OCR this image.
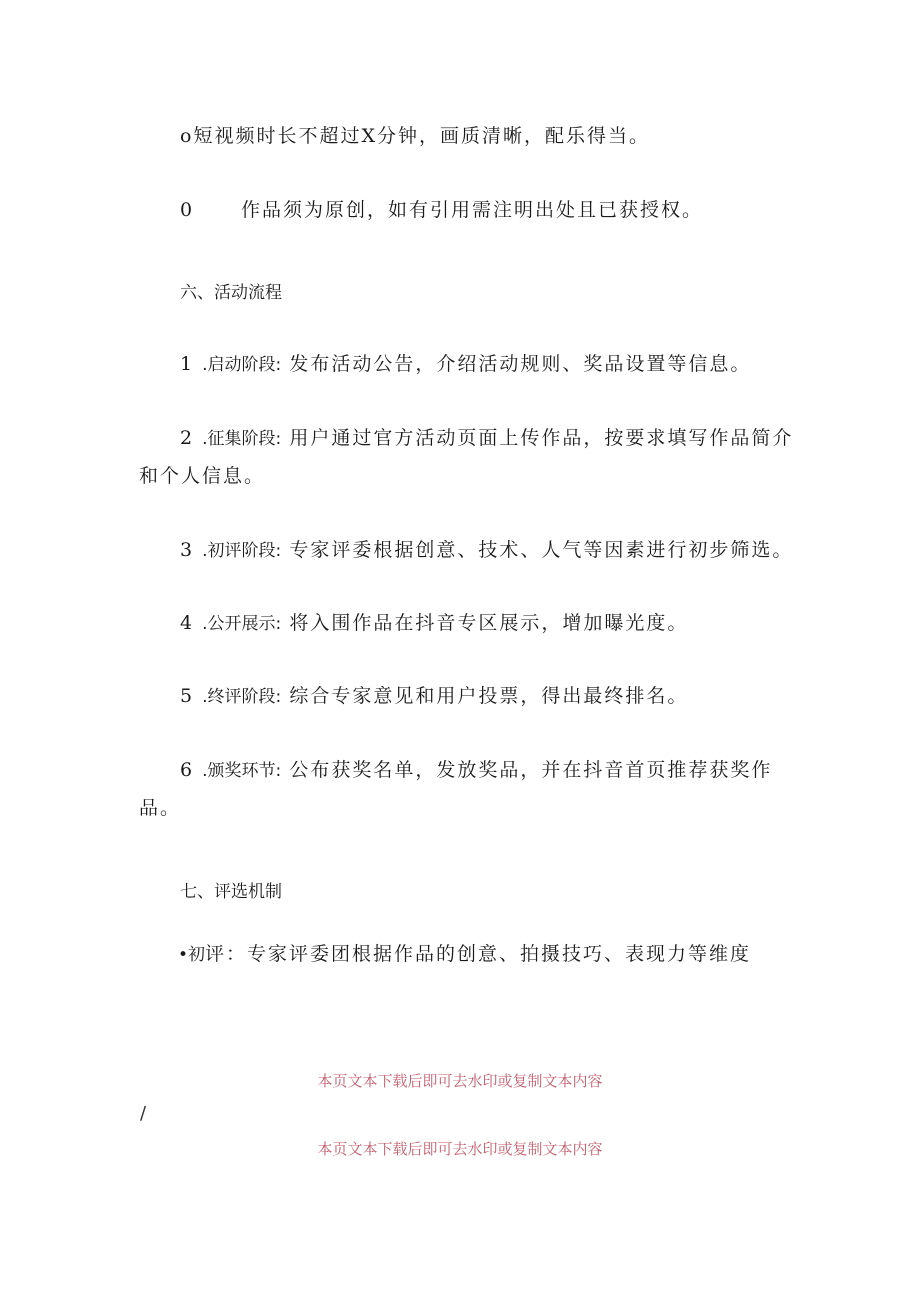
o短视频时长不超过X分钟，画质清晰，配乐得当。
0 作品须为原创，如有引用需注明出处且已获授权。
六、活动流程
1 .启动阶段: 发布活动公告，介绍活动规则、奖品设置等信息。
2 .征集阶段: 用户通过官方活动页面上传作品，按要求填写作品简介
和个人信息。
3 .初评阶段: 专家评委根据创意、技术、人气等因素进行初步筛选。
4 .公开展示: 将入围作品在抖音专区展示，增加曝光度。
5 .终评阶段: 综合专家意见和用户投票，得出最终排名。
6 .颁奖环节: 公布获奖名单，发放奖品，并在抖音首页推荐获奖作
品。
七、评选机制
•初评：专家评委团根据作品的创意、拍摄技巧、表现力等维度
本页文本下载后即可去水印或复制文本内容
/
本页文本下载后即可去水印或复制文本内容
